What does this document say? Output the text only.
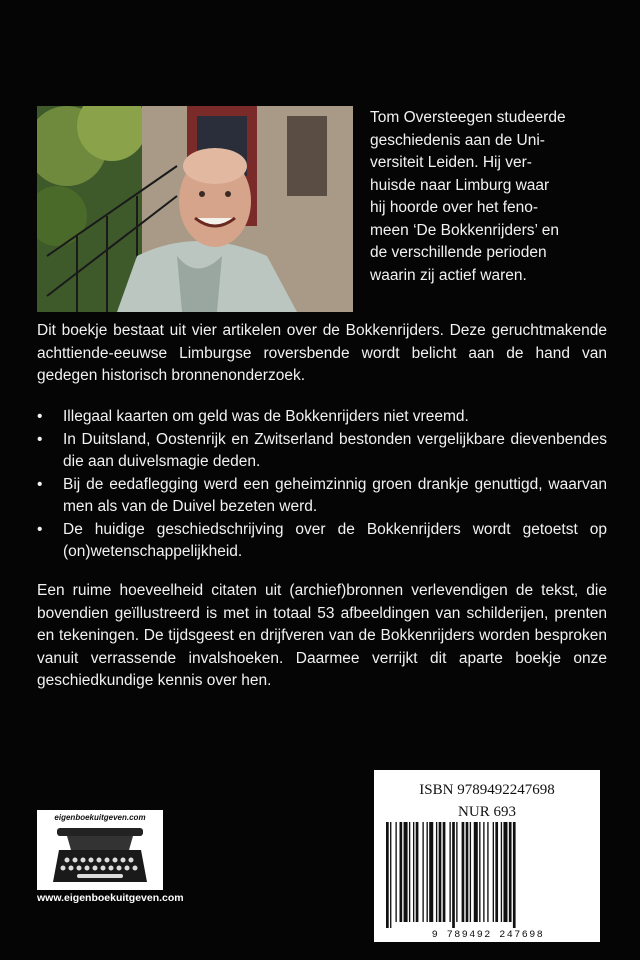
Tom Oversteegen studeerde
geschiedenis aan de Uni-
versiteit Leiden. Hij ver-
huisde naar Limburg waar
hij hoorde over het feno-
meen ‘De Bokkenrijders’ en
de verschillende perioden
waarin zij actief waren.

Dit boekje bestaat uit vier artikelen over de Bokkenrijders. Deze geruchtmakende achttiende-eeuwse Limburgse roversbende wordt belicht aan de hand van gedegen historisch bronnenonderzoek.

• Illegaal kaarten om geld was de Bokkenrijders niet vreemd.
• In Duitsland, Oostenrijk en Zwitserland bestonden vergelijkbare dievenbendes die aan duivelsmagie deden.
• Bij de eedaflegging werd een geheimzinnig groen drankje genuttigd, waarvan men als van de Duivel bezeten werd.
• De huidige geschiedschrijving over de Bokkenrijders wordt getoetst op (on)wetenschappelijkheid.

Een ruime hoeveelheid citaten uit (archief)bronnen verlevendigen de tekst, die bovendien geïllustreerd is met in totaal 53 afbeeldingen van schilderijen, prenten en tekeningen. De tijdsgeest en drijfveren van de Bokkenrijders worden besproken vanuit verrassende invalshoeken. Daarmee verrijkt dit aparte boekje onze geschiedkundige kennis over hen.

eigenboekuitgeven.com
www.eigenboekuitgeven.com
ISBN 9789492247698
NUR 693
9 789492 247698
